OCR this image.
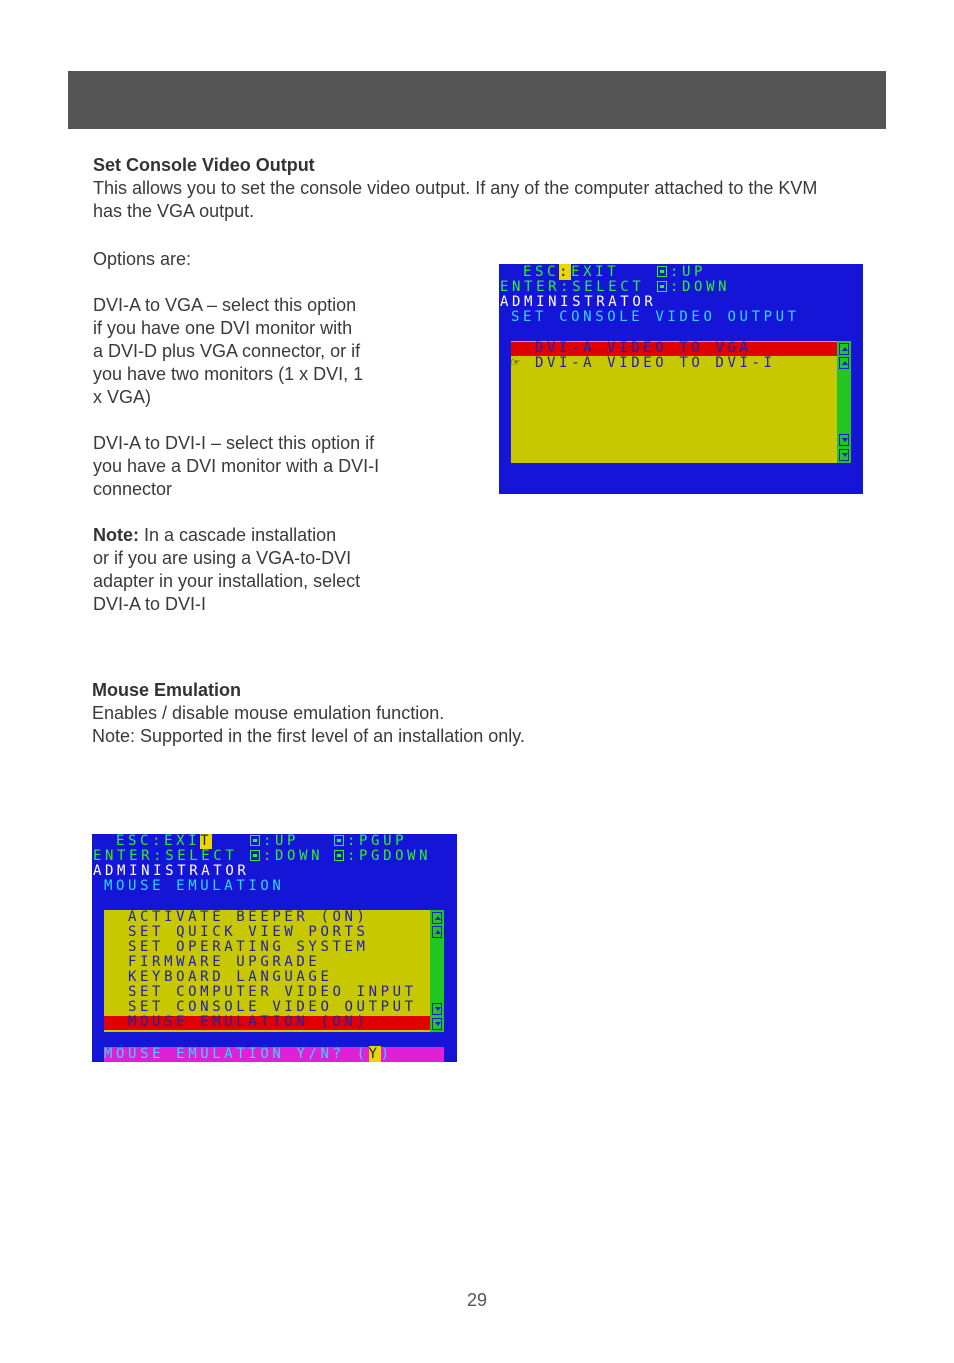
Set Console Video Output

This allows you to set the console video output. If any of the computer attached to the KVM

has the VGA output.

Options are:

DVI-A to VGA – select this option

if you have one DVI monitor with

a DVI-D plus VGA connector, or if

you have two monitors (1 x DVI, 1

x VGA)

DVI-A to DVI-I – select this option if

you have a DVI monitor with a DVI-I

connector

Note: In a cascade installation

or if you are using a VGA-to-DVI

adapter in your installation, select

DVI-A to DVI-I

ESC:EXIT	:UP
ENTER:SELECT	:DOWN
ADMINISTRATOR
SET CONSOLE VIDEO OUTPUT
DVI-A VIDEO TO VGA
☞ DVI-A VIDEO TO DVI-I

Mouse Emulation

Enables / disable mouse emulation function.

Note: Supported in the first level of an installation only.

ESC:EXIT	:UP	:PGUP
ENTER:SELECT	:DOWN	:PGDOWN
ADMINISTRATOR
MOUSE EMULATION
ACTIVATE BEEPER (ON)
SET QUICK VIEW PORTS
SET OPERATING SYSTEM
FIRMWARE UPGRADE
KEYBOARD LANGUAGE
SET COMPUTER VIDEO INPUT
SET CONSOLE VIDEO OUTPUT
MOUSE EMULATION (ON)
MOUSE EMULATION Y/N? (Y)
29
